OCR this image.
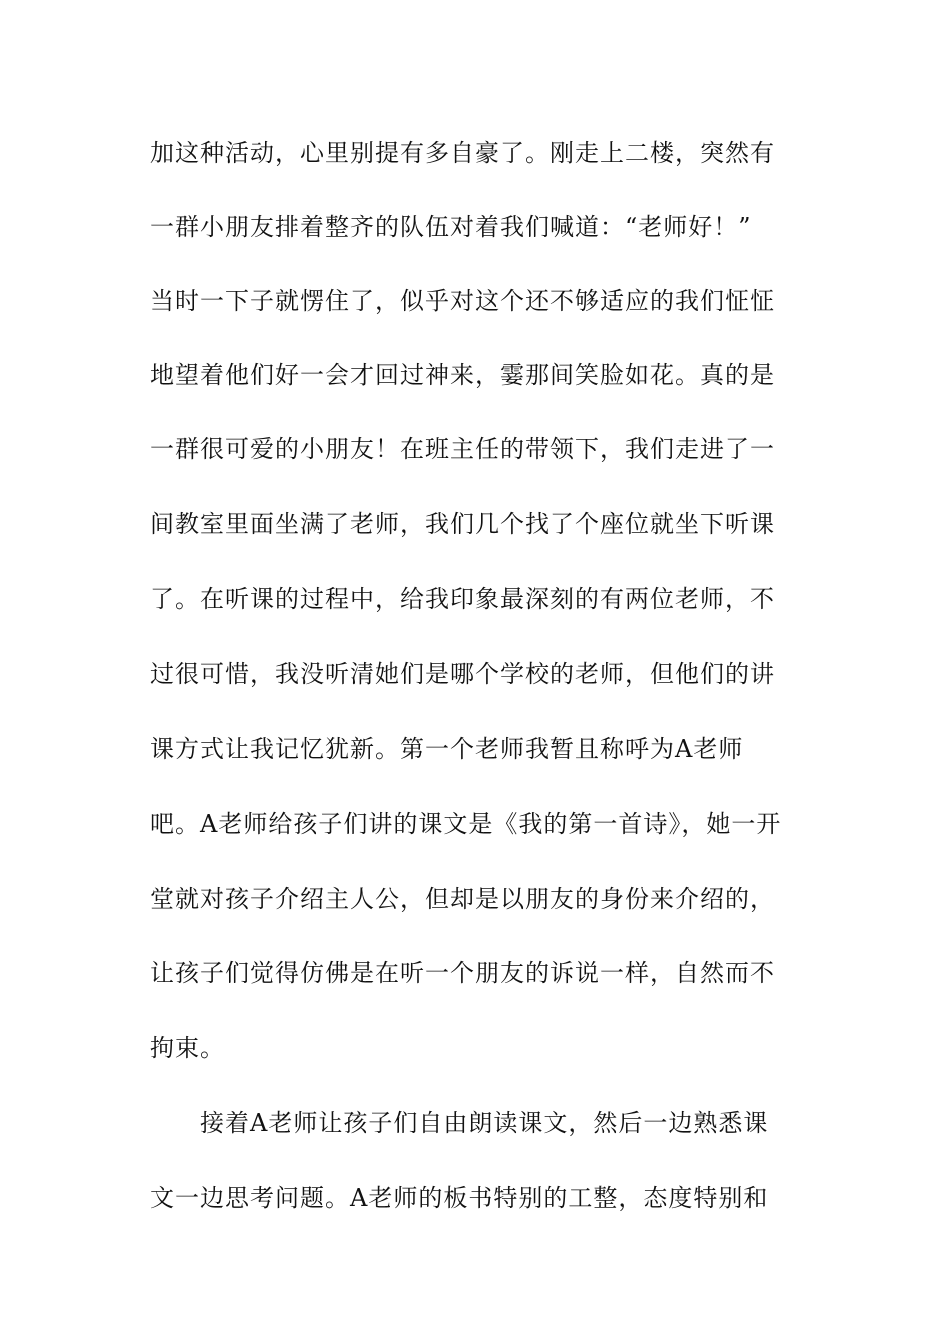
加这种活动，心里别提有多自豪了。刚走上二楼，突然有
一群小朋友排着整齐的队伍对着我们喊道：“老师好！”
当时一下子就愣住了，似乎对这个还不够适应的我们怔怔
地望着他们好一会才回过神来，霎那间笑脸如花。真的是
一群很可爱的小朋友！在班主任的带领下，我们走进了一
间教室里面坐满了老师，我们几个找了个座位就坐下听课
了。在听课的过程中，给我印象最深刻的有两位老师，不
过很可惜，我没听清她们是哪个学校的老师，但他们的讲
课方式让我记忆犹新。第一个老师我暂且称呼为A老师
吧。A老师给孩子们讲的课文是《我的第一首诗》，她一开
堂就对孩子介绍主人公，但却是以朋友的身份来介绍的，
让孩子们觉得仿佛是在听一个朋友的诉说一样，自然而不
拘束。
接着A老师让孩子们自由朗读课文，然后一边熟悉课
文一边思考问题。A老师的板书特别的工整，态度特别和
